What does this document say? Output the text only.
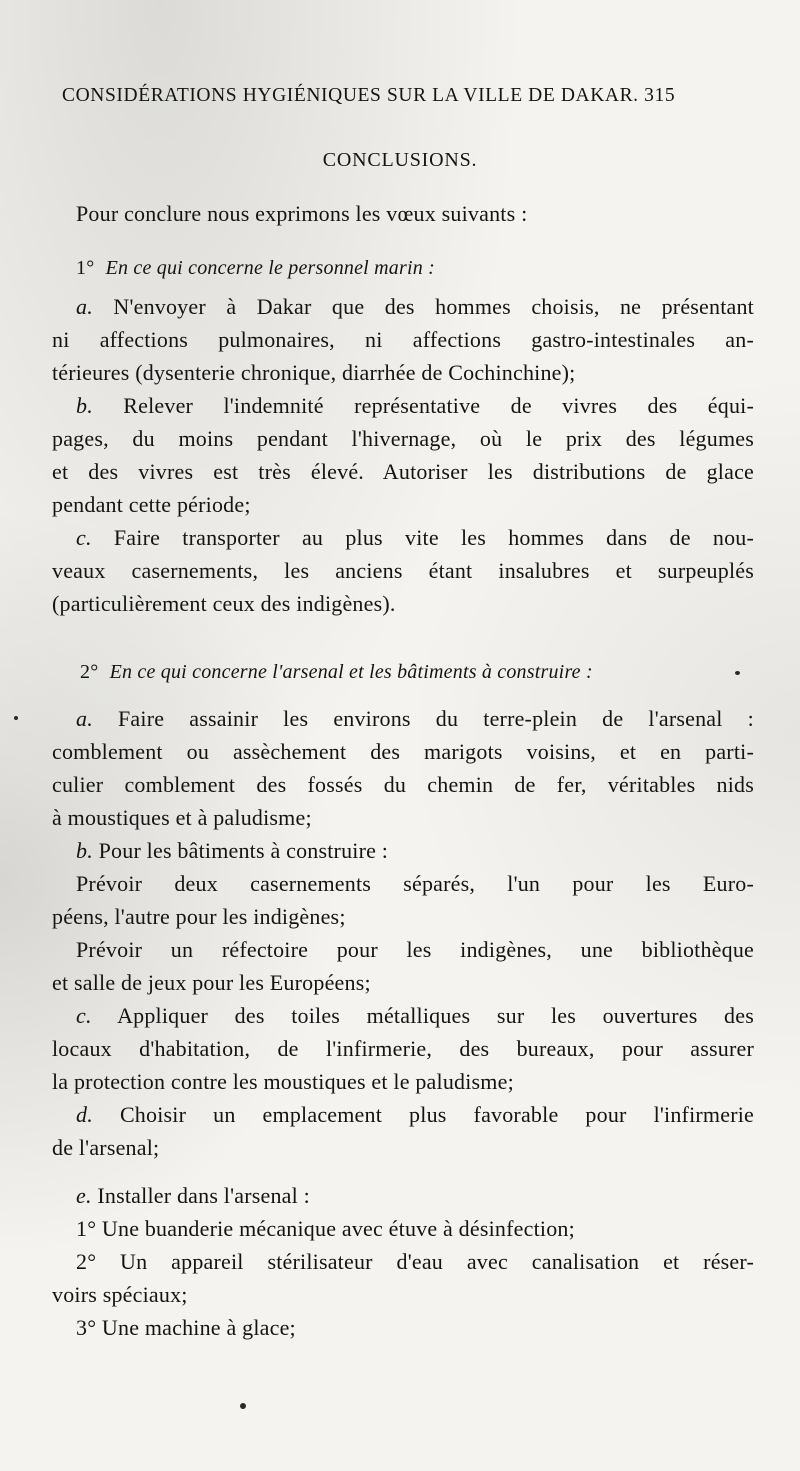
CONSIDÉRATIONS HYGIÉNIQUES SUR LA VILLE DE DAKAR. 315
CONCLUSIONS.
Pour conclure nous exprimons les vœux suivants :
1° En ce qui concerne le personnel marin :
a. N'envoyer à Dakar que des hommes choisis, ne présentant
ni affections pulmonaires, ni affections gastro-intestinales an-
térieures (dysenterie chronique, diarrhée de Cochinchine);
b. Relever l'indemnité représentative de vivres des équi-
pages, du moins pendant l'hivernage, où le prix des légumes
et des vivres est très élevé. Autoriser les distributions de glace
pendant cette période;
c. Faire transporter au plus vite les hommes dans de nou-
veaux casernements, les anciens étant insalubres et surpeuplés
(particulièrement ceux des indigènes).
2° En ce qui concerne l'arsenal et les bâtiments à construire :
a. Faire assainir les environs du terre-plein de l'arsenal :
comblement ou assèchement des marigots voisins, et en parti-
culier comblement des fossés du chemin de fer, véritables nids
à moustiques et à paludisme;
b. Pour les bâtiments à construire :
Prévoir deux casernements séparés, l'un pour les Euro-
péens, l'autre pour les indigènes;
Prévoir un réfectoire pour les indigènes, une bibliothèque
et salle de jeux pour les Européens;
c. Appliquer des toiles métalliques sur les ouvertures des
locaux d'habitation, de l'infirmerie, des bureaux, pour assurer
la protection contre les moustiques et le paludisme;
d. Choisir un emplacement plus favorable pour l'infirmerie
de l'arsenal;
e. Installer dans l'arsenal :
1° Une buanderie mécanique avec étuve à désinfection;
2° Un appareil stérilisateur d'eau avec canalisation et réser-
voirs spéciaux;
3° Une machine à glace;
